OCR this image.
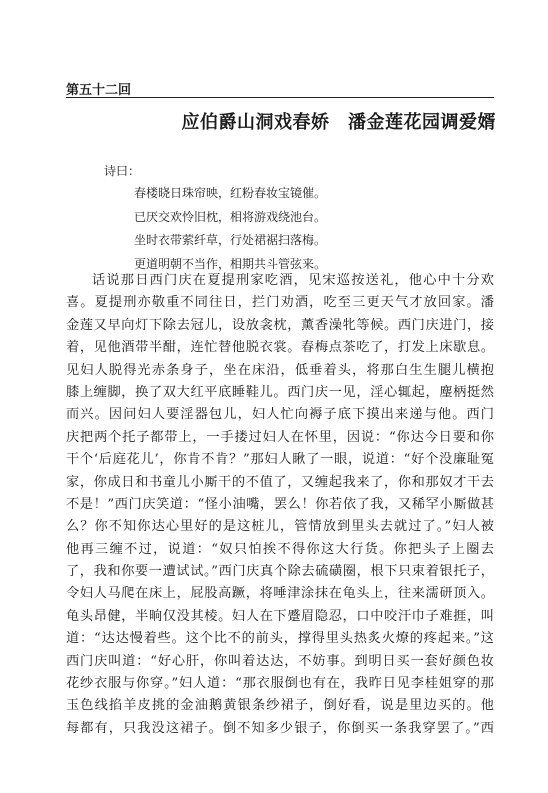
第五十二回
应伯爵山洞戏春娇　潘金莲花园调爱婿
诗曰：
春楼晓日珠帘映，红粉春妆宝镜催。
已厌交欢怜旧枕，相将游戏绕池台。
坐时衣带萦纤草，行处裙裾扫落梅。
更道明朝不当作，相期共斗管弦来。
话说那日西门庆在夏提刑家吃酒，见宋巡按送礼，他心中十分欢
喜。夏提刑亦敬重不同往日，拦门劝酒，吃至三更天气才放回家。潘
金莲又早向灯下除去冠儿，设放衾枕，薰香澡牝等候。西门庆进门，接
着，见他酒带半酣，连忙替他脱衣裳。春梅点茶吃了，打发上床歇息。
见妇人脱得光赤条身子，坐在床沿，低垂着头，将那白生生腿儿横抱
膝上缠脚，换了双大红平底睡鞋儿。西门庆一见，淫心辄起，麈柄挺然
而兴。因问妇人要淫器包儿，妇人忙向褥子底下摸出来递与他。西门
庆把两个托子都带上，一手搂过妇人在怀里，因说：“你达今日要和你
干个‘后庭花儿’，你肯不肯？”那妇人瞅了一眼，说道：“好个没廉耻冤
家，你成日和书童儿小厮干的不值了，又缠起我来了，你和那奴才干去
不是！”西门庆笑道：“怪小油嘴，罢么！你若依了我，又稀罕小厮做甚
么？你不知你达心里好的是这桩儿，管情放到里头去就过了。”妇人被
他再三缠不过，说道：“奴只怕挨不得你这大行货。你把头子上圈去
了，我和你要一遭试试。”西门庆真个除去硫磺圈，根下只束着银托子，
令妇人马爬在床上，屁股高蹶，将唾津涂抹在龟头上，往来濡研顶入。
龟头昂健，半晌仅没其棱。妇人在下蹙眉隐忍，口中咬汗巾子难捱，叫
道：“达达慢着些。这个比不的前头，撑得里头热炙火燎的疼起来。”这
西门庆叫道：“好心肝，你叫着达达，不妨事。到明日买一套好颜色妆
花纱衣服与你穿。”妇人道：“那衣服倒也有在，我昨日见李桂姐穿的那
玉色线掐羊皮挑的金油鹅黄银条纱裙子，倒好看，说是里边买的。他
每都有，只我没这裙子。倒不知多少银子，你倒买一条我穿罢了。”西
